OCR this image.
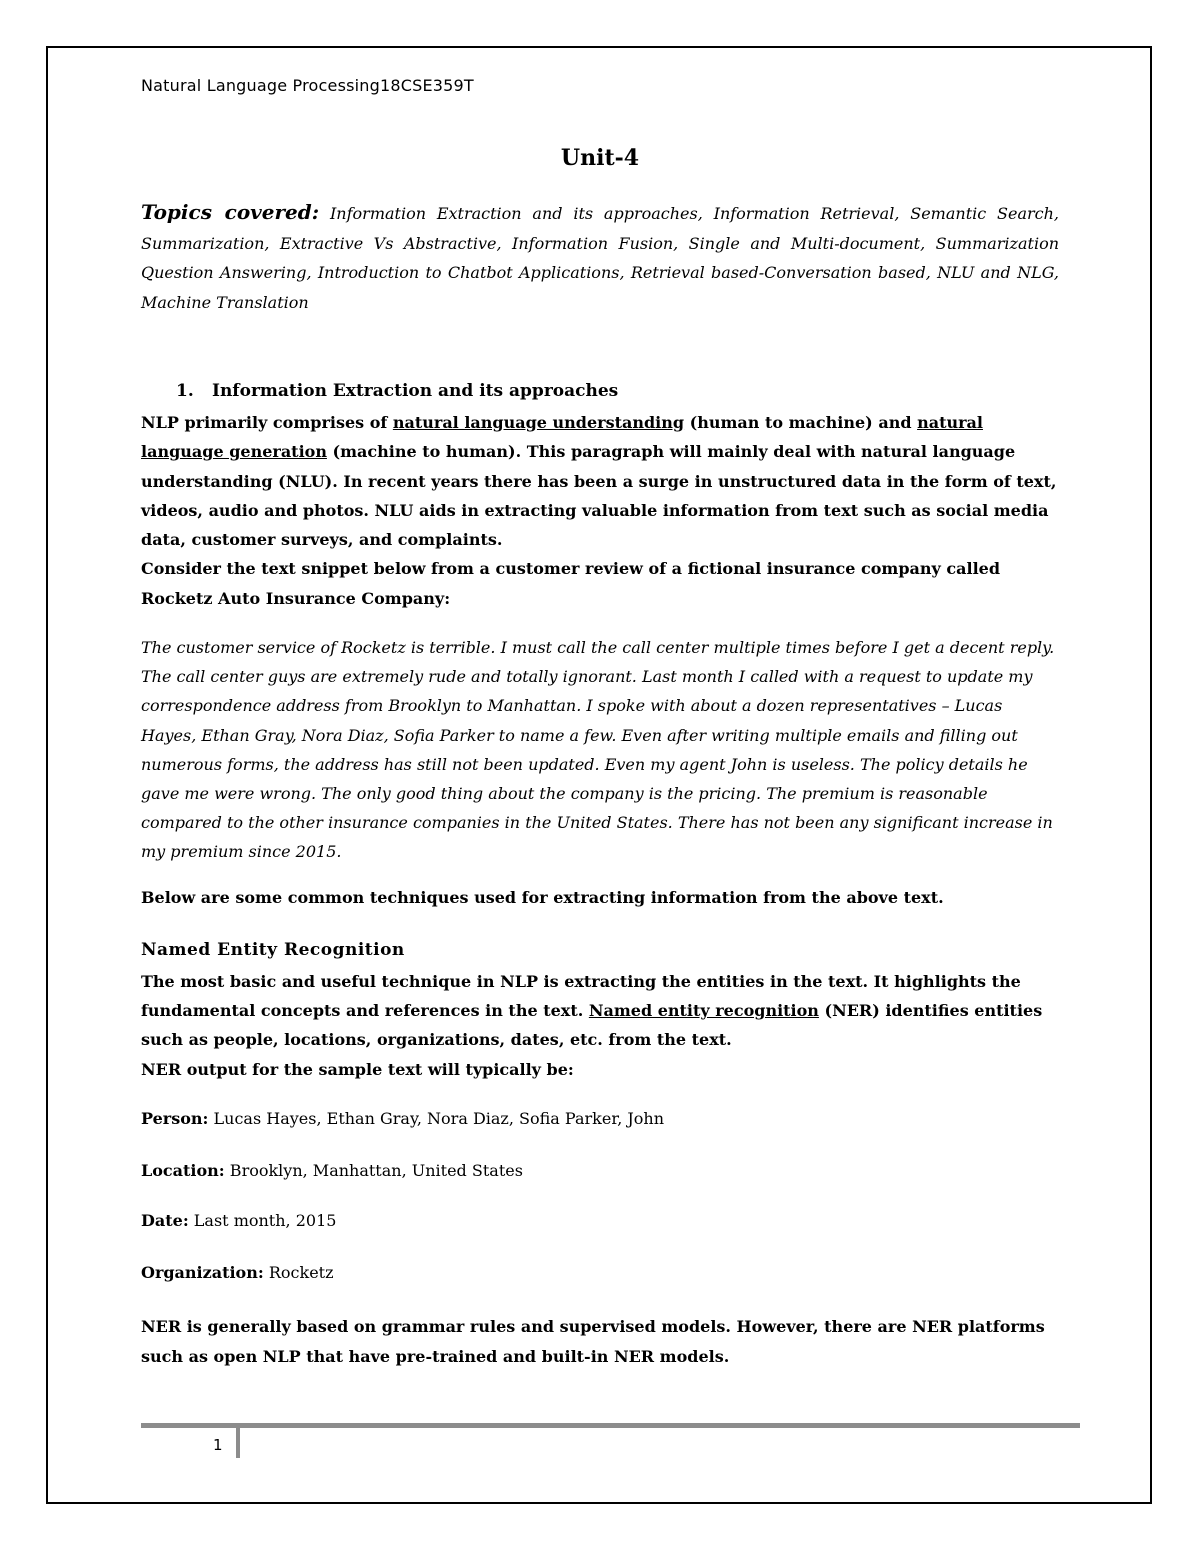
Natural Language Processing18CSE359T
Unit-4
Topics covered: Information Extraction and its approaches, Information Retrieval, Semantic Search, Summarization, Extractive Vs Abstractive, Information Fusion, Single and Multi-document, Summarization Question Answering, Introduction to Chatbot Applications, Retrieval based-Conversation based, NLU and NLG, Machine Translation
1. Information Extraction and its approaches

NLP primarily comprises of natural language understanding (human to machine) and natural language generation (machine to human). This paragraph will mainly deal with natural language understanding (NLU). In recent years there has been a surge in unstructured data in the form of text, videos, audio and photos. NLU aids in extracting valuable information from text such as social media data, customer surveys, and complaints.

Consider the text snippet below from a customer review of a fictional insurance company called Rocketz Auto Insurance Company:

The customer service of Rocketz is terrible. I must call the call center multiple times before I get a decent reply. The call center guys are extremely rude and totally ignorant. Last month I called with a request to update my correspondence address from Brooklyn to Manhattan. I spoke with about a dozen representatives – Lucas Hayes, Ethan Gray, Nora Diaz, Sofia Parker to name a few. Even after writing multiple emails and filling out numerous forms, the address has still not been updated. Even my agent John is useless. The policy details he gave me were wrong. The only good thing about the company is the pricing. The premium is reasonable compared to the other insurance companies in the United States. There has not been any significant increase in my premium since 2015.
Below are some common techniques used for extracting information from the above text.
Named Entity Recognition

The most basic and useful technique in NLP is extracting the entities in the text. It highlights the fundamental concepts and references in the text. Named entity recognition (NER) identifies entities such as people, locations, organizations, dates, etc. from the text.

NER output for the sample text will typically be:

Person: Lucas Hayes, Ethan Gray, Nora Diaz, Sofia Parker, John
Location: Brooklyn, Manhattan, United States
Date: Last month, 2015
Organization: Rocketz
NER is generally based on grammar rules and supervised models. However, there are NER platforms such as open NLP that have pre-trained and built-in NER models.
1
